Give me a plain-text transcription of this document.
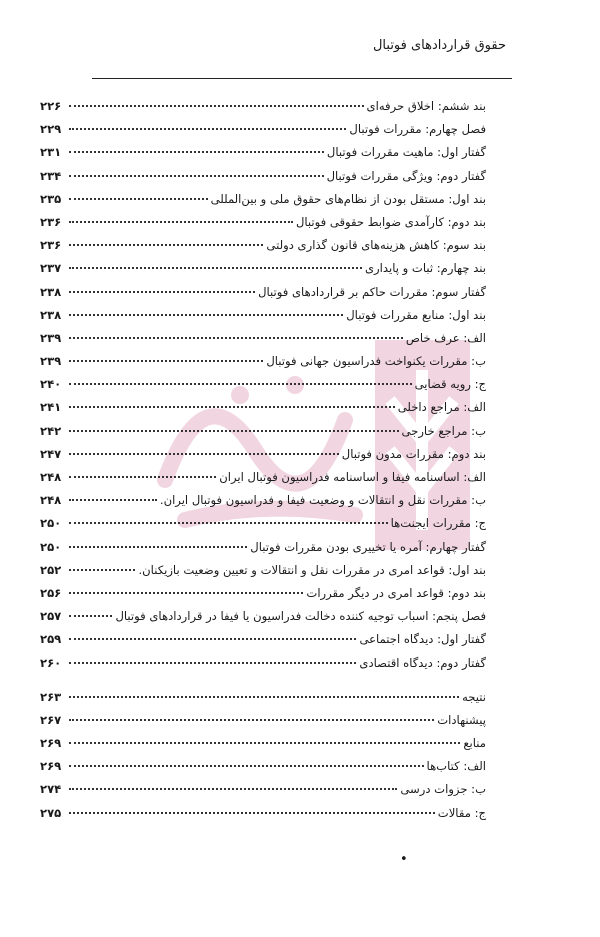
حقوق قراردادهای فوتبال
بند ششم: اخلاق حرفه‌ای
۲۲۶
فصل چهارم: مقررات فوتبال
۲۲۹
گفتار اول: ماهیت مقررات فوتبال
۲۳۱
گفتار دوم: ویژگی مقررات فوتبال
۲۳۴
بند اول: مستقل بودن از نظام‌های حقوق ملی و بین‌المللی
۲۳۵
بند دوم: کارآمدی ضوابط حقوقی فوتبال
۲۳۶
بند سوم: کاهش هزینه‌های قانون گذاری دولتی
۲۳۶
بند چهارم: ثبات و پایداری
۲۳۷
گفتار سوم: مقررات حاکم بر قراردادهای فوتبال
۲۳۸
بند اول: منابع مقررات فوتبال
۲۳۸
الف: عرف خاص
۲۳۹
ب: مقررات یکنواخت فدراسیون جهانی فوتبال
۲۳۹
ج: رویه قضایی
۲۴۰
الف: مراجع داخلی
۲۴۱
ب: مراجع خارجی
۲۴۲
بند دوم: مقررات مدون فوتبال
۲۴۷
الف: اساسنامه فیفا و اساسنامه فدراسیون فوتبال ایران
۲۴۸
ب: مقررات نقل و انتقالات و وضعیت فیفا و فدراسیون فوتبال ایران.
۲۴۸
ج: مقررات ایجنت‌ها
۲۵۰
گفتار چهارم: آمره یا تخییری بودن مقررات فوتبال
۲۵۰
بند اول: قواعد امری در مقررات نقل و انتقالات و تعیین وضعیت بازیکنان.
۲۵۲
بند دوم: قواعد امری در دیگر مقررات
۲۵۶
فصل پنجم: اسباب توجیه کننده دخالت فدراسیون یا فیفا در قراردادهای فوتبال
۲۵۷
گفتار اول: دیدگاه اجتماعی
۲۵۹
گفتار دوم: دیدگاه اقتصادی
۲۶۰
نتیجه
۲۶۳
پیشنهادات
۲۶۷
منابع
۲۶۹
الف: کتاب‌ها
۲۶۹
ب: جزوات درسی
۲۷۴
ج: مقالات
۲۷۵
•
